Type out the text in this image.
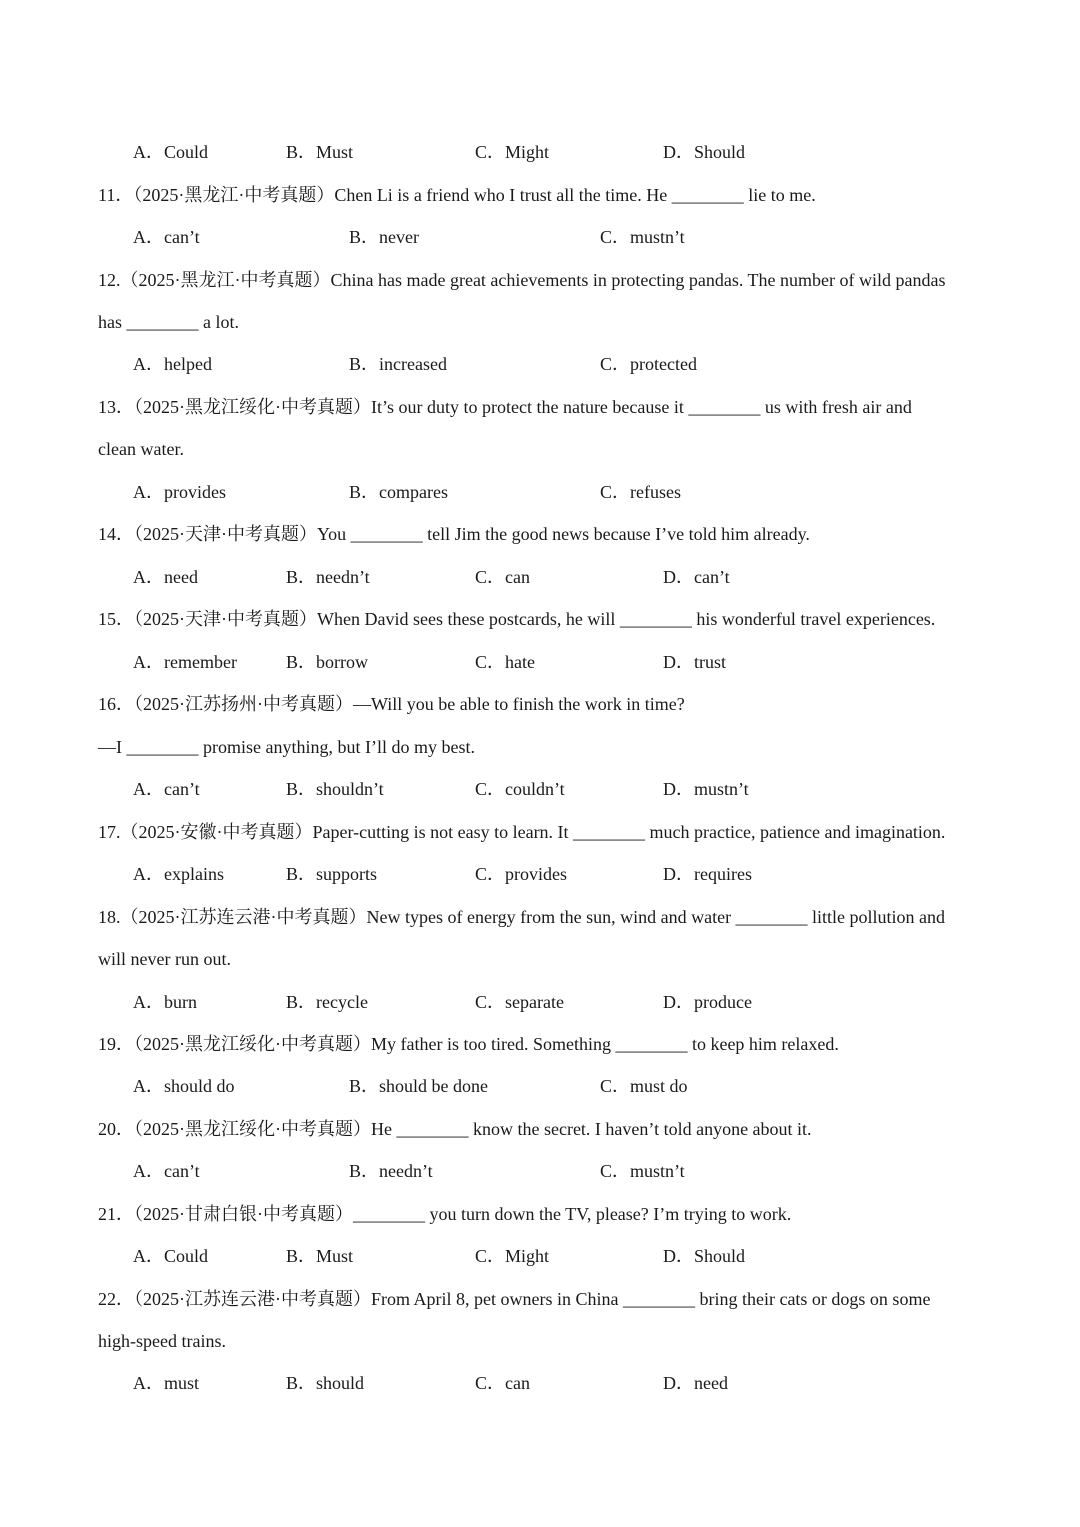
A．Could	B．Must	C．Might	D．Should
11．（2025·黑龙江·中考真题）Chen Li is a friend who I trust all the time. He ________ lie to me.
A．can’t	B．never	C．mustn’t
12.（2025·黑龙江·中考真题）China has made great achievements in protecting pandas. The number of wild pandas
has ________ a lot.
A．helped	B．increased	C．protected
13．（2025·黑龙江绥化·中考真题）It’s our duty to protect the nature because it ________ us with fresh air and
clean water.
A．provides	B．compares	C．refuses
14．（2025·天津·中考真题）You ________ tell Jim the good news because I’ve told him already.
A．need	B．needn’t	C．can	D．can’t
15．（2025·天津·中考真题）When David sees these postcards, he will ________ his wonderful travel experiences.
A．remember	B．borrow	C．hate	D．trust
16．（2025·江苏扬州·中考真题）—Will you be able to finish the work in time?
—I ________ promise anything, but I’ll do my best.
A．can’t	B．shouldn’t	C．couldn’t	D．mustn’t
17.（2025·安徽·中考真题）Paper-cutting is not easy to learn. It ________ much practice, patience and imagination.
A．explains	B．supports	C．provides	D．requires
18.（2025·江苏连云港·中考真题）New types of energy from the sun, wind and water ________ little pollution and
will never run out.
A．burn	B．recycle	C．separate	D．produce
19．（2025·黑龙江绥化·中考真题）My father is too tired. Something ________ to keep him relaxed.
A．should do	B．should be done	C．must do
20．（2025·黑龙江绥化·中考真题）He ________ know the secret. I haven’t told anyone about it.
A．can’t	B．needn’t	C．mustn’t
21．（2025·甘肃白银·中考真题）________ you turn down the TV, please? I’m trying to work.
A．Could	B．Must	C．Might	D．Should
22．（2025·江苏连云港·中考真题）From April 8, pet owners in China ________ bring their cats or dogs on some
high-speed trains.
A．must	B．should	C．can	D．need
